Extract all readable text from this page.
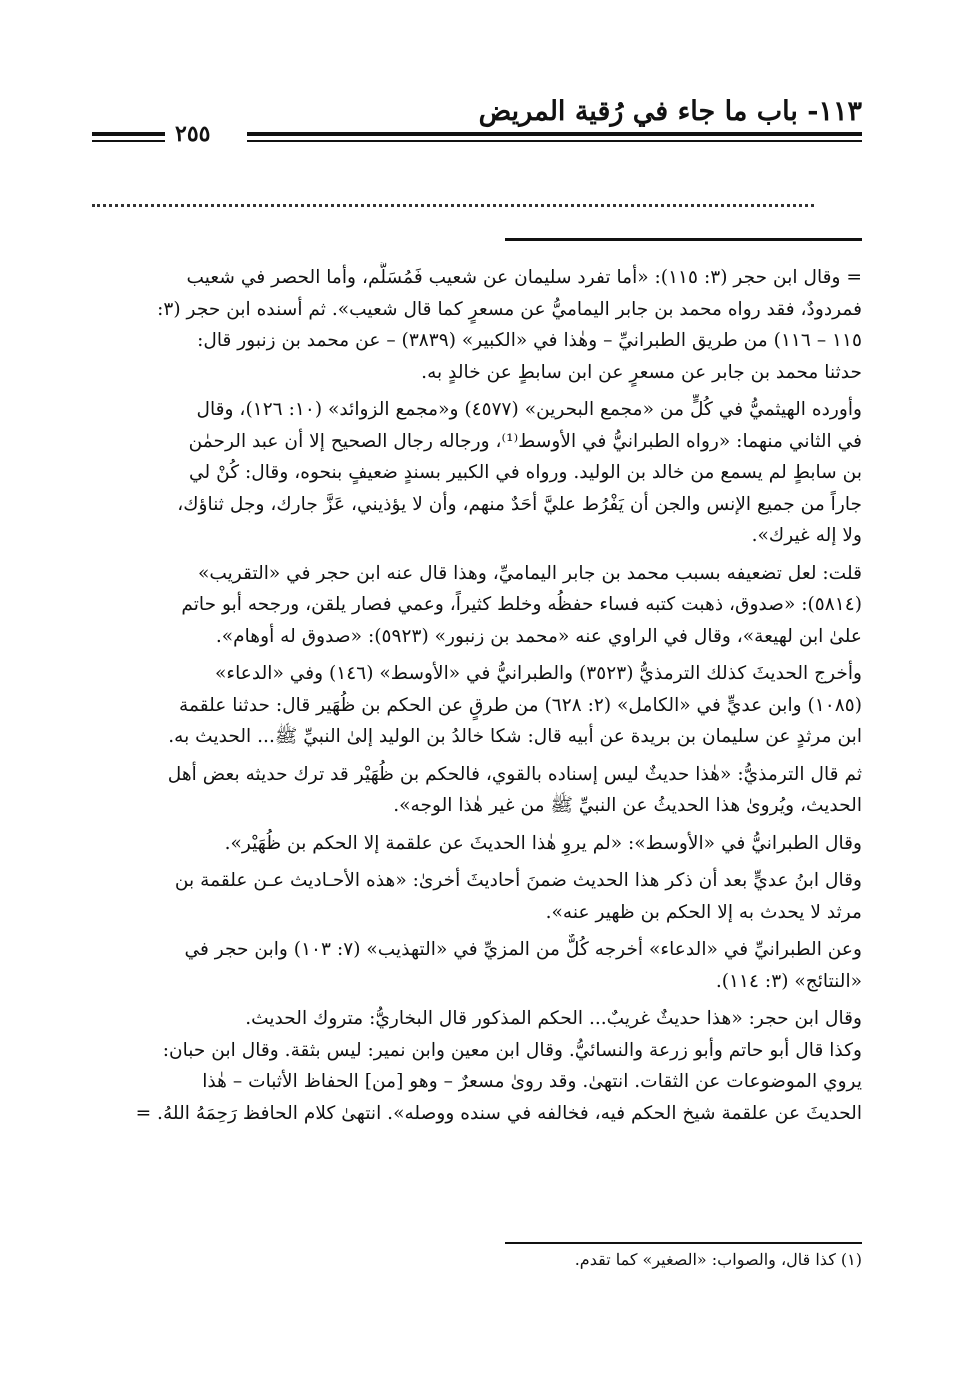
١١٣- باب ما جاء في رُقية المريض
٢٥٥

= وقال ابن حجر (٣: ١١٥): «أما تفرد سليمان عن شعيب فَمُسَلَّم، وأما الحصر في شعيب
فمردودٌ، فقد رواه محمد بن جابر اليماميُّ عن مسعرٍ كما قال شعيب». ثم أسنده ابن حجر (٣:
١١٥ – ١١٦) من طريق الطبرانيِّ – وهٰذا في «الكبير» (٣٨٣٩) – عن محمد بن زنبور قال:
حدثنا محمد بن جابر عن مسعرٍ عن ابن سابطٍ عن خالدٍ به.

وأورده الهيثميُّ في كُلٍّ من «مجمع البحرين» (٤٥٧٧) و«مجمع الزوائد» (١٠: ١٢٦)، وقال
في الثاني منهما: «رواه الطبرانيُّ في الأوسط⁽¹⁾، ورجاله رجال الصحيح إلا أن عبد الرحمٰن
بن سابطٍ لم يسمع من خالد بن الوليد. ورواه في الكبير بسندٍ ضعيفٍ بنحوه، وقال: كُنْ لي
جاراً من جميع الإنس والجن أن يَفْرُط عليَّ أحَدٌ منهم، وأن لا يؤذيني، عَزَّ جارك، وجل ثناؤك،
ولا إله غيرك».

قلت: لعل تضعيفه بسبب محمد بن جابر اليماميِّ، وهذا قال عنه ابن حجر في «التقريب»
(٥٨١٤): «صدوق، ذهبت كتبه فساء حفظُه وخلط كثيراً، وعمي فصار يلقن، ورجحه أبو حاتم
علىٰ ابن لهيعة»، وقال في الراوي عنه «محمد بن زنبور» (٥٩٢٣): «صدوق له أوهام».

وأخرج الحديثَ كذلك الترمذيُّ (٣٥٢٣) والطبرانيُّ في «الأوسط» (١٤٦) وفي «الدعاء»
(١٠٨٥) وابن عديٍّ في «الكامل» (٢: ٦٢٨) من طرقٍ عن الحكم بن ظُهَير قال: حدثنا علقمة
ابن مرثدٍ عن سليمان بن بريدة عن أبيه قال: شكا خالدُ بن الوليد إلىٰ النبيِّ ﷺ... الحديث به.

ثم قال الترمذيُّ: «هٰذا حديثٌ ليس إسناده بالقوي، فالحكم بن ظُهَيْر قد ترك حديثه بعض أهل
الحديث، ويُروىٰ هذا الحديثُ عن النبيِّ ﷺ من غير هٰذا الوجه».

وقال الطبرانيُّ في «الأوسط»: «لم يروِ هٰذا الحديثَ عن علقمة إلا الحكم بن ظُهَيْر».

وقال ابنُ عديٍّ بعد أن ذكر هذا الحديث ضمنَ أحاديثَ أخرىٰ: «هذه الأحـاديث عـن علقمة بن
مرثد لا يحدث به إلا الحكم بن ظهير عنه».

وعن الطبرانيِّ في «الدعاء» أخرجه كُلٌّ من المزيِّ في «التهذيب» (٧: ١٠٣) وابن حجر في
«النتائج» (٣: ١١٤).

وقال ابن حجر: «هذا حديثٌ غريبٌ... الحكم المذكور قال البخاريُّ: متروك الحديث.
وكذا قال أبو حاتم وأبو زرعة والنسائيُّ. وقال ابن معين وابن نمير: ليس بثقة. وقال ابن حبان:
يروي الموضوعات عن الثقات. انتهىٰ. وقد روىٰ مسعرٌ – وهو [من] الحفاظ الأثبات – هٰذا
الحديثَ عن علقمة شيخ الحكم فيه، فخالفه في سنده ووصله». انتهىٰ كلام الحافظ رَحِمَهُ اللهُ. =

(١) كذا قال، والصواب: «الصغير» كما تقدم.
